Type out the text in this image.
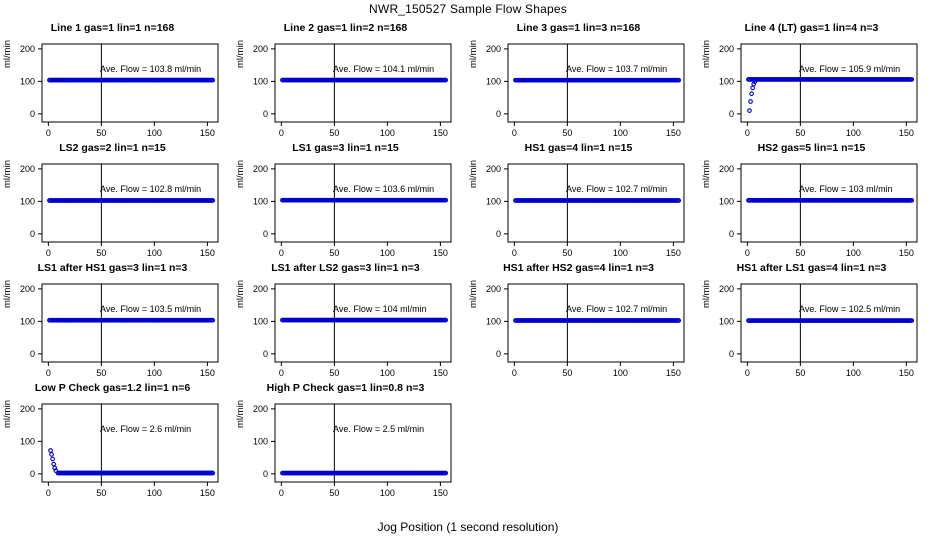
NWR_150527 Sample Flow Shapes
Line 1 gas=1 lin=1 n=168
ml/min
0
100
200
0	50	100	150
Ave. Flow = 103.8 ml/min
Line 2 gas=1 lin=2 n=168
ml/min
0
100
200
0	50	100	150
Ave. Flow = 104.1 ml/min
Line 3 gas=1 lin=3 n=168
ml/min
0
100
200
0	50	100	150
Ave. Flow = 103.7 ml/min
Line 4 (LT) gas=1 lin=4 n=3
ml/min
0
100
200
0	50	100	150
Ave. Flow = 105.9 ml/min
LS2 gas=2 lin=1 n=15
ml/min
0
100
200
0	50	100	150
Ave. Flow = 102.8 ml/min
LS1 gas=3 lin=1 n=15
ml/min
0
100
200
0	50	100	150
Ave. Flow = 103.6 ml/min
HS1 gas=4 lin=1 n=15
ml/min
0
100
200
0	50	100	150
Ave. Flow = 102.7 ml/min
HS2 gas=5 lin=1 n=15
ml/min
0
100
200
0	50	100	150
Ave. Flow = 103 ml/min
LS1 after HS1 gas=3 lin=1 n=3
ml/min
0
100
200
0	50	100	150
Ave. Flow = 103.5 ml/min
LS1 after LS2 gas=3 lin=1 n=3
ml/min
0
100
200
0	50	100	150
Ave. Flow = 104 ml/min
HS1 after HS2 gas=4 lin=1 n=3
ml/min
0
100
200
0	50	100	150
Ave. Flow = 102.7 ml/min
HS1 after LS1 gas=4 lin=1 n=3
ml/min
0
100
200
0	50	100	150
Ave. Flow = 102.5 ml/min
Low P Check gas=1.2 lin=1 n=6
ml/min
0
100
200
0	50	100	150
Ave. Flow = 2.6 ml/min
High P Check gas=1 lin=0.8 n=3
ml/min
0
100
200
0	50	100	150
Ave. Flow = 2.5 ml/min
Jog Position (1 second resolution)
